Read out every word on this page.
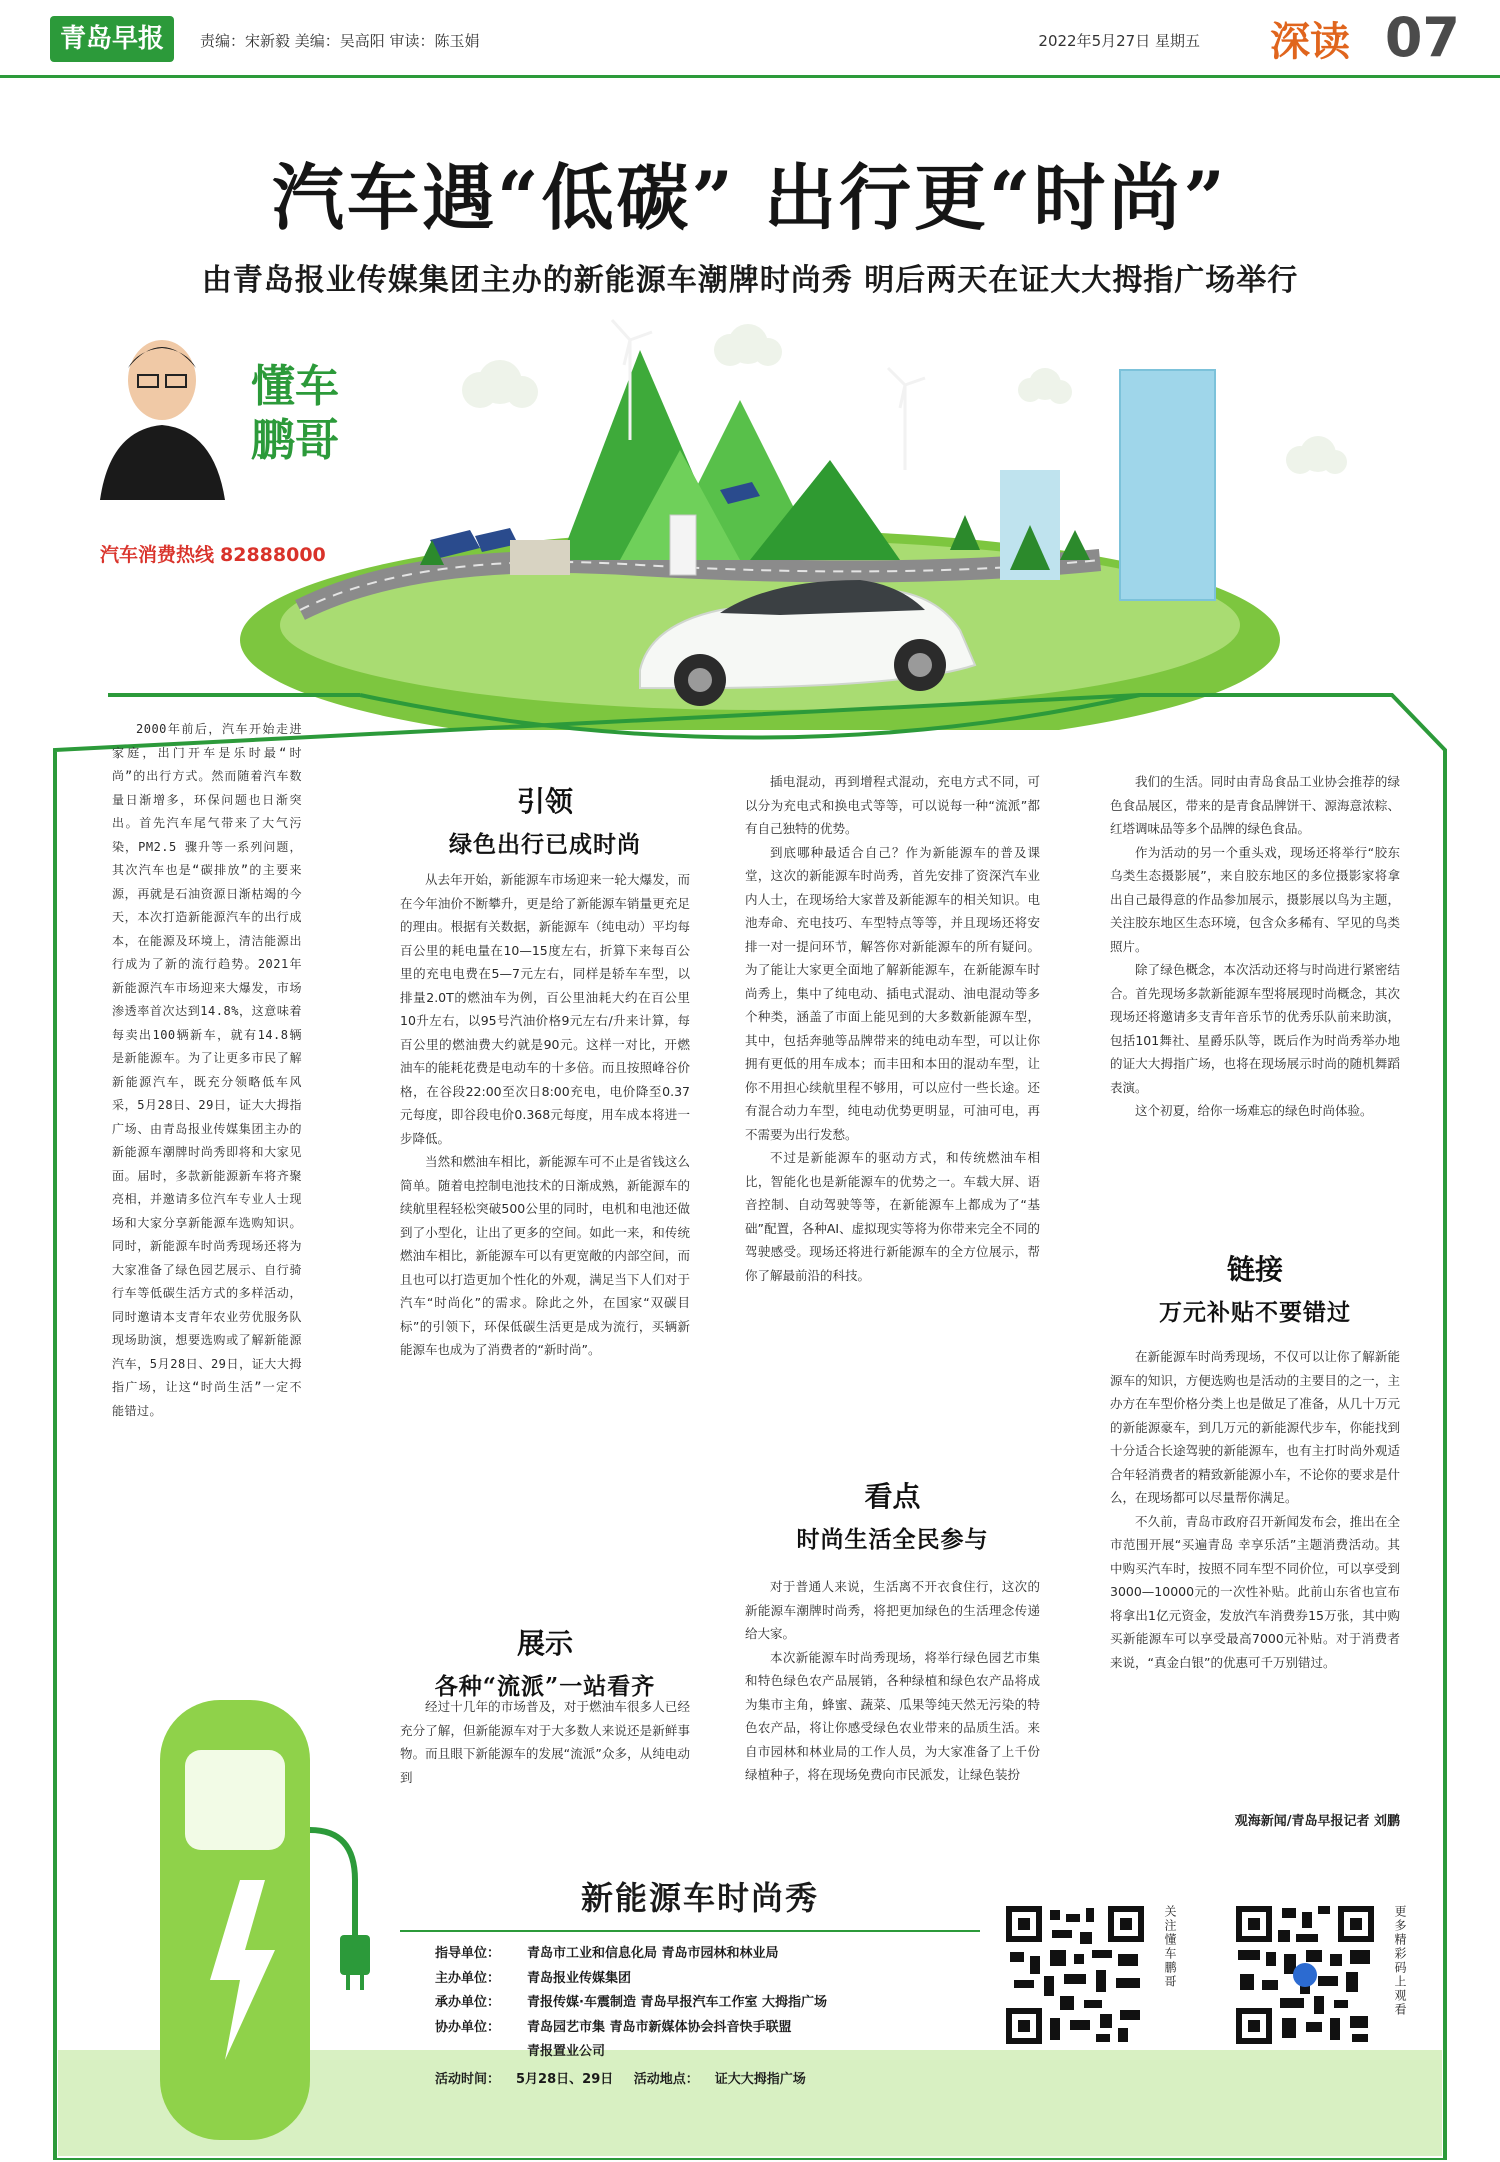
青岛早报	责编：宋新毅 美编：吴高阳 审读：陈玉娟	2022年5月27日 星期五 深读 07
汽车遇“低碳” 出行更“时尚”
由青岛报业传媒集团主办的新能源车潮牌时尚秀 明后两天在证大大拇指广场举行
懂车鹏哥
汽车消费热线 82888000

2000年前后，汽车开始走进家庭，出门开车是乐时最“时尚”的出行方式。然而随着汽车数量日渐增多，环保问题也日渐突出。首先汽车尾气带来了大气污染，PM2.5 骤升等一系列问题，其次汽车也是“碳排放”的主要来源，再就是石油资源日渐枯竭的今天，本次打造新能源汽车的出行成本，在能源及环境上，清洁能源出行成为了新的流行趋势。2021年新能源汽车市场迎来大爆发，市场渗透率首次达到14.8%，这意味着每卖出100辆新车，就有14.8辆是新能源车。为了让更多市民了解新能源汽车，既充分领略低车风采，5月28日、29日，证大大拇指广场、由青岛报业传媒集团主办的新能源车潮牌时尚秀即将和大家见面。届时，多款新能源新车将齐聚亮相，并邀请多位汽车专业人士现场和大家分享新能源车选购知识。同时，新能源车时尚秀现场还将为大家准备了绿色园艺展示、自行骑行车等低碳生活方式的多样活动，同时邀请本支青年农业劳优服务队现场助演，想要选购或了解新能源汽车，5月28日、29日，证大大拇指广场，让这“时尚生活”一定不能错过。

引领
绿色出行已成时尚

从去年开始，新能源车市场迎来一轮大爆发，而在今年油价不断攀升，更是给了新能源车销量更充足的理由。根据有关数据，新能源车（纯电动）平均每百公里的耗电量在10—15度左右，折算下来每百公里的充电电费在5—7元左右，同样是轿车车型，以排量2.0T的燃油车为例，百公里油耗大约在百公里10升左右，以95号汽油价格9元左右/升来计算，每百公里的燃油费大约就是90元。这样一对比，开燃油车的能耗花费是电动车的十多倍。而且按照峰谷价格，在谷段22:00至次日8:00充电，电价降至0.37元每度，即谷段电价0.368元每度，用车成本将进一步降低。

当然和燃油车相比，新能源车可不止是省钱这么简单。随着电控制电池技术的日渐成熟，新能源车的续航里程轻松突破500公里的同时，电机和电池还做到了小型化，让出了更多的空间。如此一来，和传统燃油车相比，新能源车可以有更宽敞的内部空间，而且也可以打造更加个性化的外观，满足当下人们对于汽车“时尚化”的需求。除此之外，在国家“双碳目标”的引领下，环保低碳生活更是成为流行，买辆新能源车也成为了消费者的“新时尚”。

展示
各种“流派”一站看齐

经过十几年的市场普及，对于燃油车很多人已经充分了解，但新能源车对于大多数人来说还是新鲜事物。而且眼下新能源车的发展“流派”众多，从纯电动到

插电混动，再到增程式混动，充电方式不同，可以分为充电式和换电式等等，可以说每一种“流派”都有自己独特的优势。

到底哪种最适合自己？作为新能源车的普及课堂，这次的新能源车时尚秀，首先安排了资深汽车业内人士，在现场给大家普及新能源车的相关知识。电池寿命、充电技巧、车型特点等等，并且现场还将安排一对一提问环节，解答你对新能源车的所有疑问。为了能让大家更全面地了解新能源车，在新能源车时尚秀上，集中了纯电动、插电式混动、油电混动等多个种类，涵盖了市面上能见到的大多数新能源车型，其中，包括奔驰等品牌带来的纯电动车型，可以让你拥有更低的用车成本；而丰田和本田的混动车型，让你不用担心续航里程不够用，可以应付一些长途。还有混合动力车型，纯电动优势更明显，可油可电，再不需要为出行发愁。

不过是新能源车的驱动方式，和传统燃油车相比，智能化也是新能源车的优势之一。车载大屏、语音控制、自动驾驶等等，在新能源车上都成为了“基础”配置，各种AI、虚拟现实等将为你带来完全不同的驾驶感受。现场还将进行新能源车的全方位展示，帮你了解最前沿的科技。

看点
时尚生活全民参与

对于普通人来说，生活离不开衣食住行，这次的新能源车潮牌时尚秀，将把更加绿色的生活理念传递给大家。

本次新能源车时尚秀现场，将举行绿色园艺市集和特色绿色农产品展销，各种绿植和绿色农产品将成为集市主角，蜂蜜、蔬菜、瓜果等纯天然无污染的特色农产品，将让你感受绿色农业带来的品质生活。来自市园林和林业局的工作人员，为大家准备了上千份绿植种子，将在现场免费向市民派发，让绿色装扮

我们的生活。同时由青岛食品工业协会推荐的绿色食品展区，带来的是青食品牌饼干、源海意浓粽、红塔调味品等多个品牌的绿色食品。

作为活动的另一个重头戏，现场还将举行“胶东乌类生态摄影展”，来自胶东地区的多位摄影家将拿出自己最得意的作品参加展示，摄影展以鸟为主题，关注胶东地区生态环境，包含众多稀有、罕见的鸟类照片。

除了绿色概念，本次活动还将与时尚进行紧密结合。首先现场多款新能源车型将展现时尚概念，其次现场还将邀请多支青年音乐节的优秀乐队前来助演，包括101舞社、星爵乐队等，既后作为时尚秀举办地的证大大拇指广场，也将在现场展示时尚的随机舞蹈表演。

这个初夏，给你一场难忘的绿色时尚体验。

链接
万元补贴不要错过

在新能源车时尚秀现场，不仅可以让你了解新能源车的知识，方便选购也是活动的主要目的之一，主办方在车型价格分类上也是做足了准备，从几十万元的新能源豪车，到几万元的新能源代步车，你能找到十分适合长途驾驶的新能源车，也有主打时尚外观适合年轻消费者的精致新能源小车，不论你的要求是什么，在现场都可以尽量帮你满足。

不久前，青岛市政府召开新闻发布会，推出在全市范围开展“买遍青岛 幸享乐活”主题消费活动。其中购买汽车时，按照不同车型不同价位，可以享受到3000—10000元的一次性补贴。此前山东省也宣布将拿出1亿元资金，发放汽车消费券15万张，其中购买新能源车可以享受最高7000元补贴。对于消费者来说，“真金白银”的优惠可千万别错过。

观海新闻/青岛早报记者 刘鹏
新能源车时尚秀
指导单位： 青岛市工业和信息化局 青岛市园林和林业局
主办单位： 青岛报业传媒集团
承办单位： 青报传媒·车震制造 青岛早报汽车工作室 大拇指广场
协办单位： 青岛园艺市集 青岛市新媒体协会抖音快手联盟
青报置业公司
活动时间： 5月28日、29日 活动地点： 证大大拇指广场
关注懂车鹏哥	更多精彩码上观看
